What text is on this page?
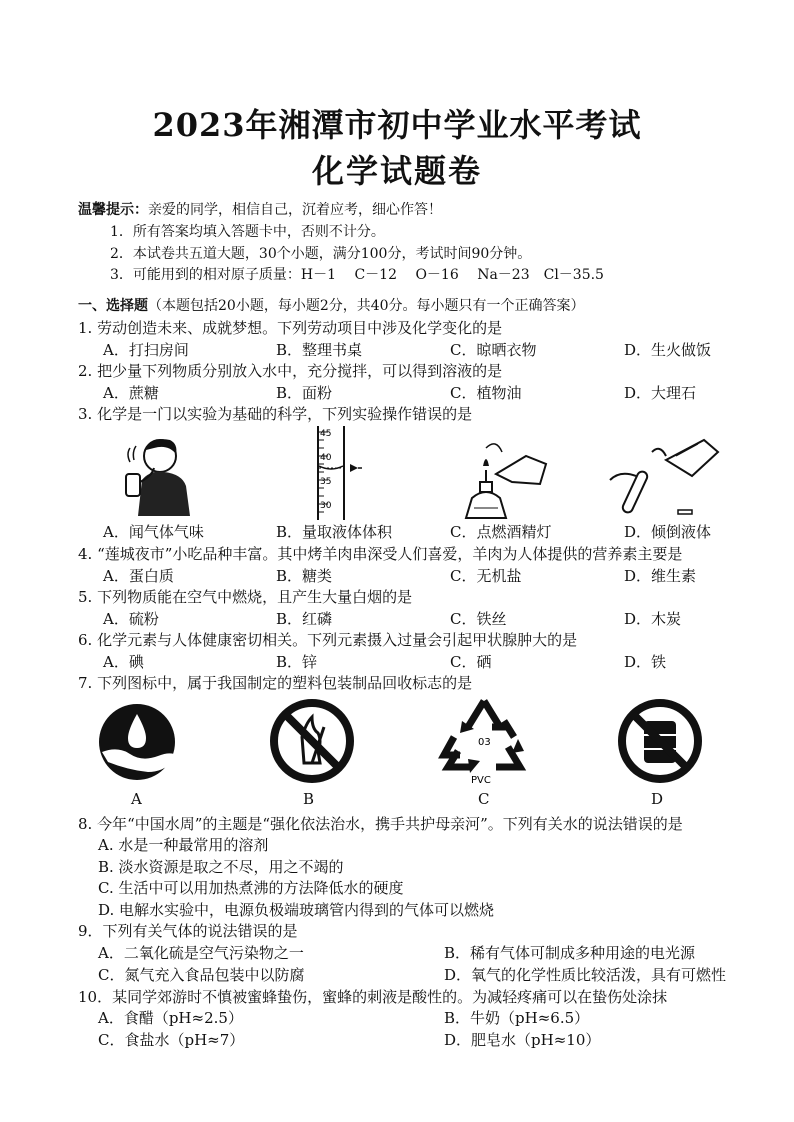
2023年湘潭市初中学业水平考试
化学试题卷
温馨提示：亲爱的同学，相信自己，沉着应考，细心作答！
1．所有答案均填入答题卡中，否则不计分。
2．本试卷共五道大题，30个小题，满分100分，考试时间90分钟。
3．可能用到的相对原子质量：H－1　 C－12　 O－16　 Na－23　Cl－35.5
一、选择题（本题包括20小题，每小题2分，共40分。每小题只有一个正确答案）
1. 劳动创造未来、成就梦想。下列劳动项目中涉及化学变化的是
A．打扫房间	B．整理书桌	C．晾晒衣物	D．生火做饭
2. 把少量下列物质分别放入水中，充分搅拌，可以得到溶液的是
A．蔗糖	B．面粉	C．植物油	D．大理石
3. 化学是一门以实验为基础的科学，下列实验操作错误的是
45
40
35
30
A．闻气体气味	B．量取液体体积	C．点燃酒精灯	D．倾倒液体
4. “莲城夜市”小吃品种丰富。其中烤羊肉串深受人们喜爱，羊肉为人体提供的营养素主要是
A．蛋白质	B．糖类	C．无机盐	D．维生素
5. 下列物质能在空气中燃烧，且产生大量白烟的是
A．硫粉	B．红磷	C．铁丝	D．木炭
6. 化学元素与人体健康密切相关。下列元素摄入过量会引起甲状腺肿大的是
A．碘	B．锌	C．硒	D．铁
7. 下列图标中，属于我国制定的塑料包装制品回收标志的是
03
PVC
A	B	C	D
8. 今年“中国水周”的主题是“强化依法治水，携手共护母亲河”。下列有关水的说法错误的是
A. 水是一种最常用的溶剂
B. 淡水资源是取之不尽，用之不竭的
C. 生活中可以用加热煮沸的方法降低水的硬度
D. 电解水实验中，电源负极端玻璃管内得到的气体可以燃烧
9．下列有关气体的说法错误的是
A．二氧化硫是空气污染物之一	B．稀有气体可制成多种用途的电光源
C．氮气充入食品包装中以防腐	D．氧气的化学性质比较活泼，具有可燃性
10．某同学郊游时不慎被蜜蜂蛰伤，蜜蜂的刺液是酸性的。为减轻疼痛可以在蛰伤处涂抹
A．食醋（pH≈2.5）	B．牛奶（pH≈6.5）
C．食盐水（pH≈7）	D．肥皂水（pH≈10）
